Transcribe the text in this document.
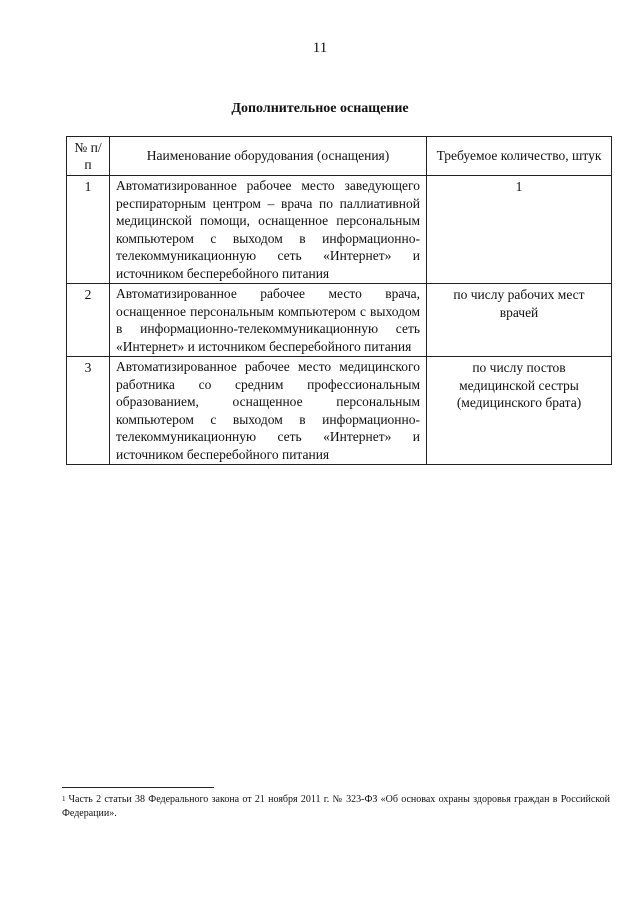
11
Дополнительное оснащение
№ п/п	Наименование оборудования (оснащения)	Требуемое количество, штук
1	Автоматизированное рабочее место заведующего респираторным центром – врача по паллиативной медицинской помощи, оснащенное персональным компьютером с выходом в информационно-телекоммуникационную сеть «Интернет» и источником бесперебойного питания	1
2	Автоматизированное рабочее место врача, оснащенное персональным компьютером с выходом в информационно-телекоммуникационную сеть «Интернет» и источником бесперебойного питания	по числу рабочих мест врачей
3	Автоматизированное рабочее место медицинского работника со средним профессиональным образованием, оснащенное персональным компьютером с выходом в информационно-телекоммуникационную сеть «Интернет» и источником бесперебойного питания	по числу постов медицинской сестры (медицинского брата)
$^1$ Часть 2 статьи 38 Федерального закона от 21 ноября 2011 г. № 323-ФЗ «Об основах охраны здоровья граждан в Российской Федерации».
